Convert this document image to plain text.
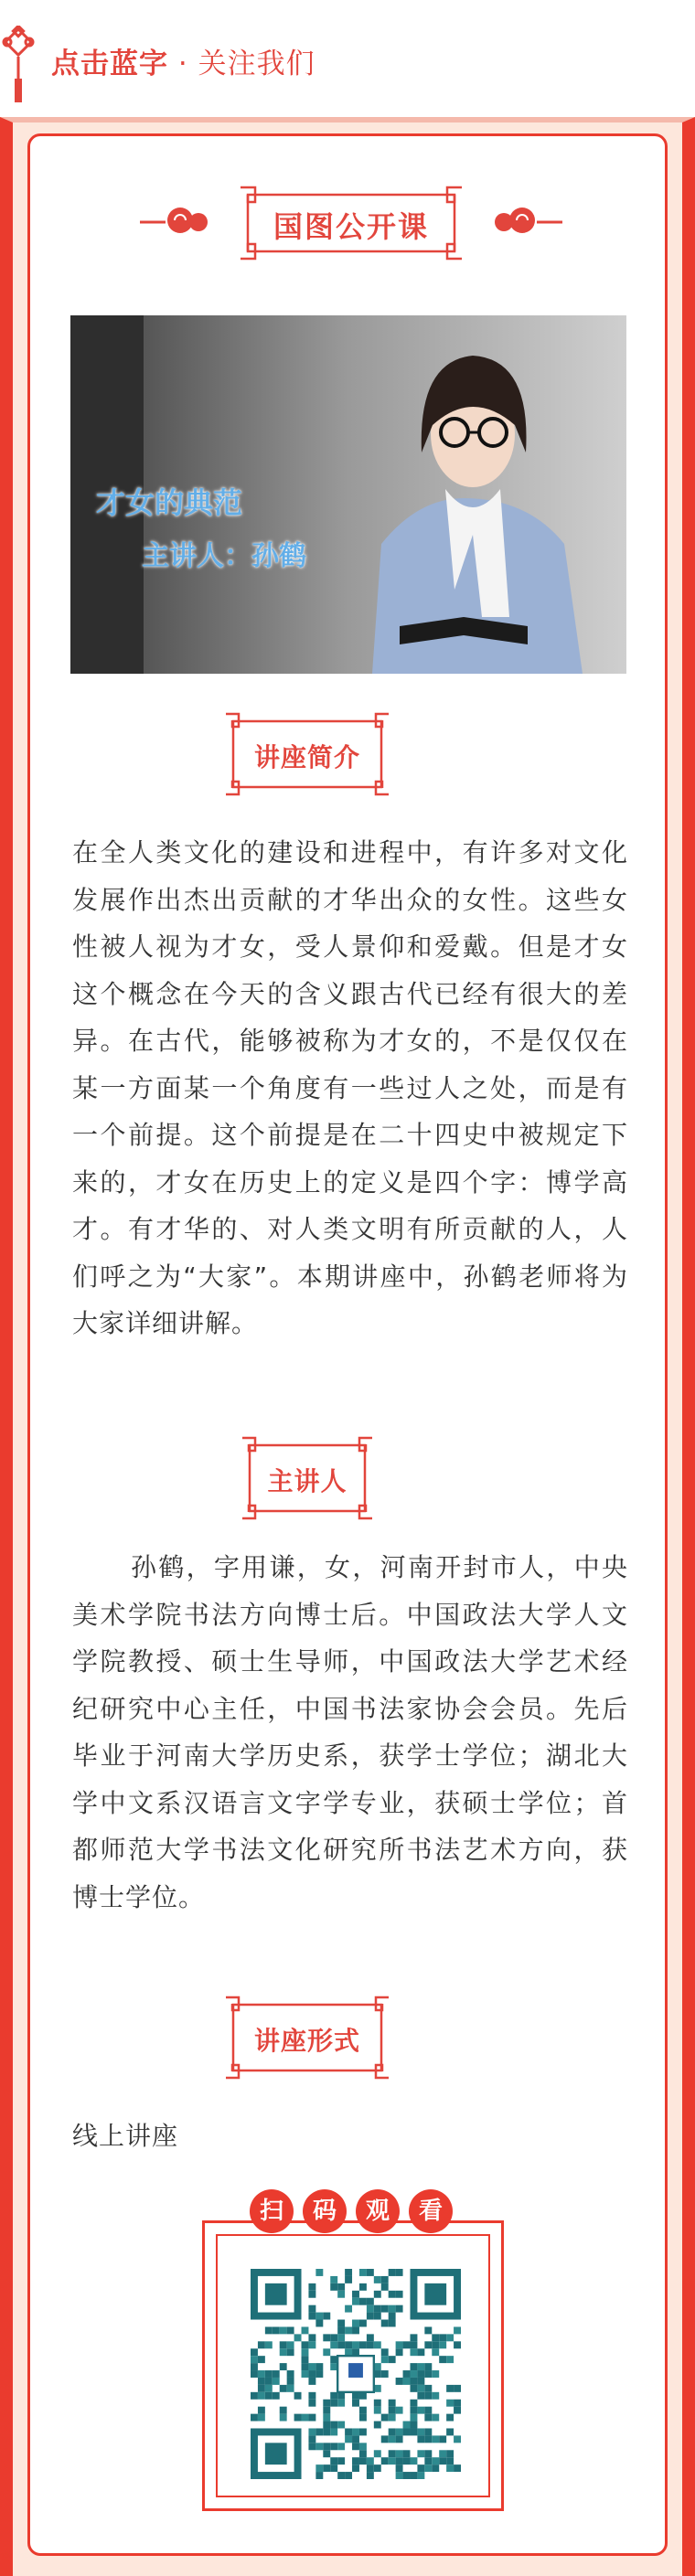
点击蓝字 · 关注我们
国图公开课
才女的典范
主讲人：孙鹤
讲座简介
在全人类文化的建设和进程中，有许多对文化发展作出杰出贡献的才华出众的女性。这些女性被人视为才女，受人景仰和爱戴。但是才女这个概念在今天的含义跟古代已经有很大的差异。在古代，能够被称为才女的，不是仅仅在某一方面某一个角度有一些过人之处，而是有一个前提。这个前提是在二十四史中被规定下来的，才女在历史上的定义是四个字：博学高才。有才华的、对人类文明有所贡献的人，人们呼之为“大家”。本期讲座中，孙鹤老师将为大家详细讲解。
主讲人
孙鹤，字用谦，女，河南开封市人，中央美术学院书法方向博士后。中国政法大学人文学院教授、硕士生导师，中国政法大学艺术经纪研究中心主任，中国书法家协会会员。先后毕业于河南大学历史系，获学士学位；湖北大学中文系汉语言文字学专业，获硕士学位；首都师范大学书法文化研究所书法艺术方向，获博士学位。
讲座形式
线上讲座
扫	码	观	看
